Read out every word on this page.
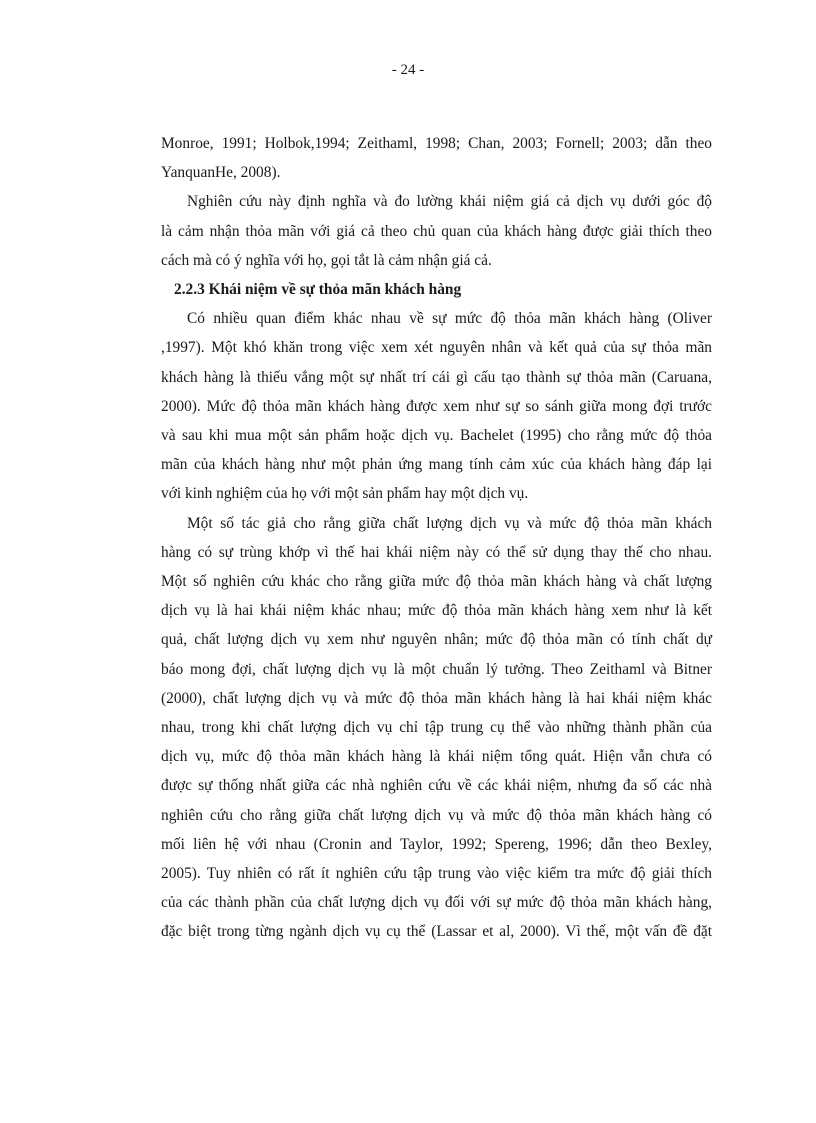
- 24 -
Monroe, 1991; Holbok,1994; Zeithaml, 1998; Chan, 2003; Fornell; 2003; dẫn theo
YanquanHe, 2008).
Nghiên cứu này định nghĩa và đo lường khái niệm giá cả dịch vụ dưới góc độ
là cảm nhận thỏa mãn với giá cả theo chủ quan của khách hàng được giải thích theo
cách mà có ý nghĩa với họ, gọi tắt là cảm nhận giá cả.
2.2.3 Khái niệm về sự thỏa mãn khách hàng
Có nhiều quan điểm khác nhau về sự mức độ thỏa mãn khách hàng (Oliver
,1997). Một khó khăn trong việc xem xét nguyên nhân và kết quả của sự thỏa mãn
khách hàng là thiếu vắng một sự nhất trí cái gì cấu tạo thành sự thỏa mãn (Caruana,
2000). Mức độ thỏa mãn khách hàng được xem như sự so sánh giữa mong đợi trước
và sau khi mua một sản phẩm hoặc dịch vụ. Bachelet (1995) cho rằng mức độ thỏa
mãn của khách hàng như một phản ứng mang tính cảm xúc của khách hàng đáp lại
với kinh nghiệm của họ với một sản phẩm hay một dịch vụ.
Một số tác giả cho rằng giữa chất lượng dịch vụ và mức độ thỏa mãn khách
hàng có sự trùng khớp vì thế hai khái niệm này có thể sử dụng thay thế cho nhau.
Một số nghiên cứu khác cho rằng giữa mức độ thỏa mãn khách hàng và chất lượng
dịch vụ là hai khái niệm khác nhau; mức độ thỏa mãn khách hàng xem như là kết
quả, chất lượng dịch vụ xem như nguyên nhân; mức độ thỏa mãn có tính chất dự
báo mong đợi, chất lượng dịch vụ là một chuẩn lý tưởng. Theo Zeithaml và Bitner
(2000), chất lượng dịch vụ và mức độ thỏa mãn khách hàng là hai khái niệm khác
nhau, trong khi chất lượng dịch vụ chỉ tập trung cụ thể vào những thành phần của
dịch vụ, mức độ thỏa mãn khách hàng là khái niệm tổng quát. Hiện vẫn chưa có
được sự thống nhất giữa các nhà nghiên cứu về các khái niệm, nhưng đa số các nhà
nghiên cứu cho rằng giữa chất lượng dịch vụ và mức độ thỏa mãn khách hàng có
mối liên hệ với nhau (Cronin and Taylor, 1992; Spereng, 1996; dẫn theo Bexley,
2005). Tuy nhiên có rất ít nghiên cứu tập trung vào việc kiểm tra mức độ giải thích
của các thành phần của chất lượng dịch vụ đối với sự mức độ thỏa mãn khách hàng,
đặc biệt trong từng ngành dịch vụ cụ thể (Lassar et al, 2000). Vì thế, một vấn đề đặt
